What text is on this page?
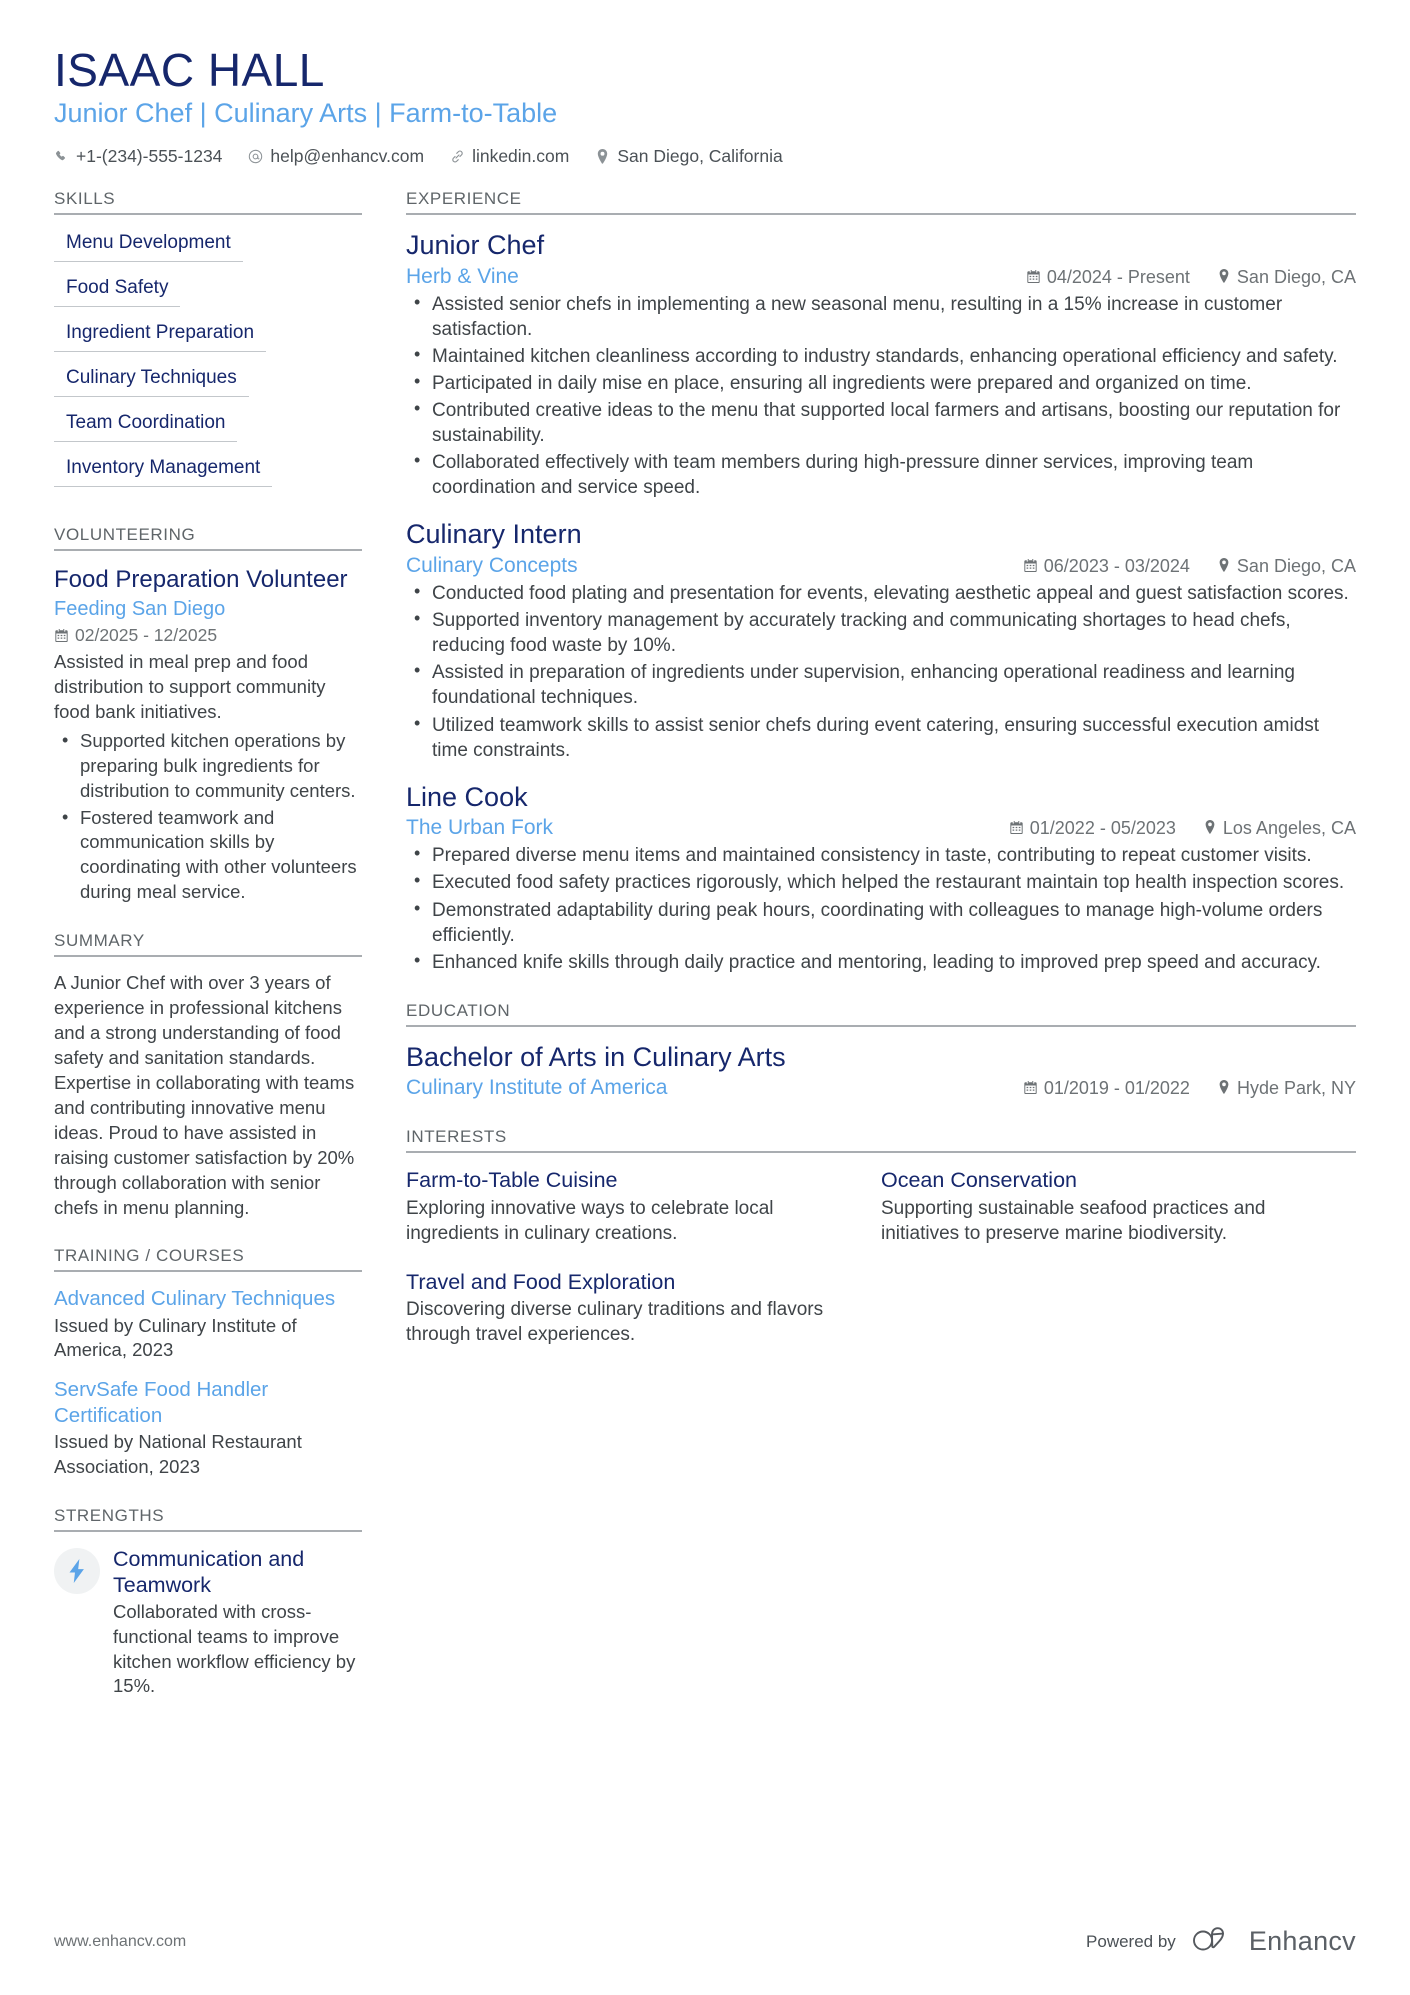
ISAAC HALL
Junior Chef | Culinary Arts | Farm-to-Table
+1-(234)-555-1234	help@enhancv.com	linkedin.com	San Diego, California
SKILLS
Menu Development
Food Safety
Ingredient Preparation
Culinary Techniques
Team Coordination
Inventory Management
VOLUNTEERING
Food Preparation Volunteer
Feeding San Diego
02/2025 - 12/2025

Assisted in meal prep and food distribution to support community food bank initiatives.

• Supported kitchen operations by preparing bulk ingredients for distribution to community centers.
• Fostered teamwork and communication skills by coordinating with other volunteers during meal service.
SUMMARY

A Junior Chef with over 3 years of experience in professional kitchens and a strong understanding of food safety and sanitation standards. Expertise in collaborating with teams and contributing innovative menu ideas. Proud to have assisted in raising customer satisfaction by 20% through collaboration with senior chefs in menu planning.

TRAINING / COURSES
Advanced Culinary Techniques
Issued by Culinary Institute of America, 2023
ServSafe Food Handler Certification
Issued by National Restaurant Association, 2023
STRENGTHS
Communication and Teamwork
Collaborated with cross-functional teams to improve kitchen workflow efficiency by 15%.
EXPERIENCE
Junior Chef
Herb & Vine	04/2024 - Present	San Diego, CA
• Assisted senior chefs in implementing a new seasonal menu, resulting in a 15% increase in customer satisfaction.
• Maintained kitchen cleanliness according to industry standards, enhancing operational efficiency and safety.
• Participated in daily mise en place, ensuring all ingredients were prepared and organized on time.
• Contributed creative ideas to the menu that supported local farmers and artisans, boosting our reputation for sustainability.
• Collaborated effectively with team members during high-pressure dinner services, improving team coordination and service speed.
Culinary Intern
Culinary Concepts	06/2023 - 03/2024	San Diego, CA
• Conducted food plating and presentation for events, elevating aesthetic appeal and guest satisfaction scores.
• Supported inventory management by accurately tracking and communicating shortages to head chefs, reducing food waste by 10%.
• Assisted in preparation of ingredients under supervision, enhancing operational readiness and learning foundational techniques.
• Utilized teamwork skills to assist senior chefs during event catering, ensuring successful execution amidst time constraints.
Line Cook
The Urban Fork	01/2022 - 05/2023	Los Angeles, CA
• Prepared diverse menu items and maintained consistency in taste, contributing to repeat customer visits.
• Executed food safety practices rigorously, which helped the restaurant maintain top health inspection scores.
• Demonstrated adaptability during peak hours, coordinating with colleagues to manage high-volume orders efficiently.
• Enhanced knife skills through daily practice and mentoring, leading to improved prep speed and accuracy.
EDUCATION
Bachelor of Arts in Culinary Arts
Culinary Institute of America	01/2019 - 01/2022	Hyde Park, NY
INTERESTS
Farm-to-Table Cuisine
Exploring innovative ways to celebrate local ingredients in culinary creations.
Ocean Conservation
Supporting sustainable seafood practices and initiatives to preserve marine biodiversity.
Travel and Food Exploration
Discovering diverse culinary traditions and flavors through travel experiences.
www.enhancv.com	Powered by	Enhancv
